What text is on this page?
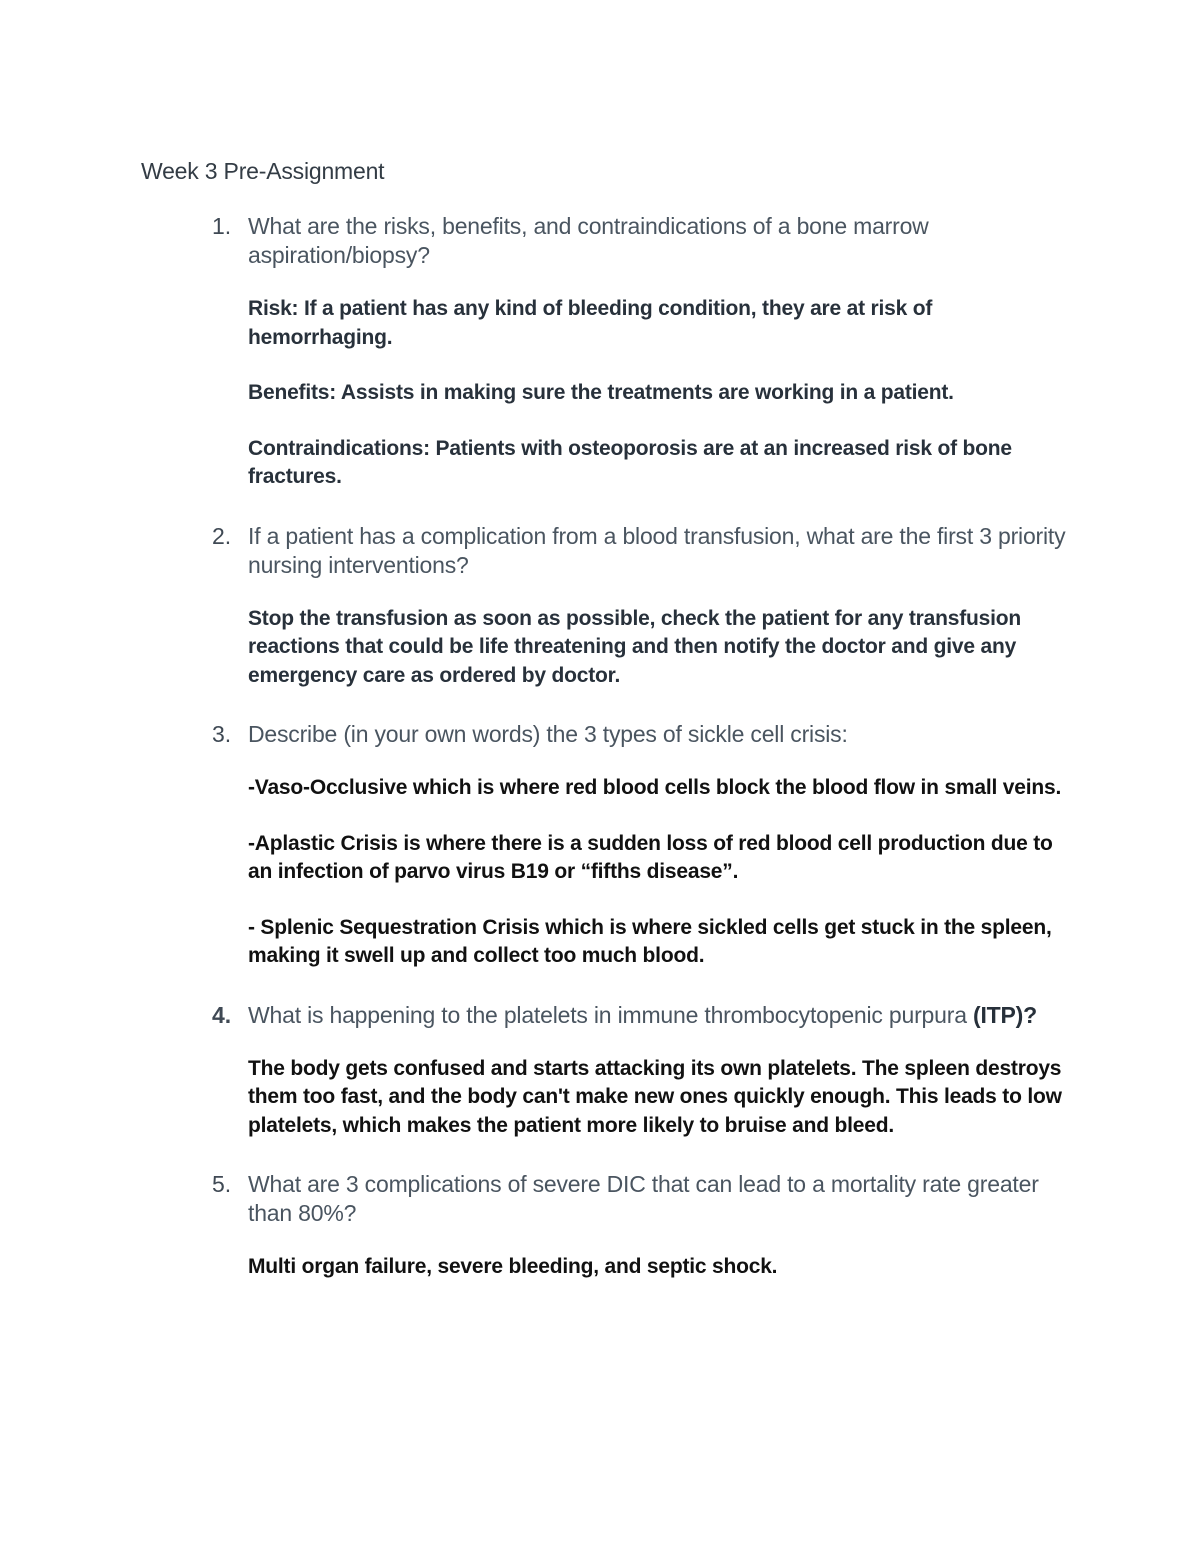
Week 3 Pre-Assignment
1. What are the risks, benefits, and contraindications of a bone marrow aspiration/biopsy?
Risk: If a patient has any kind of bleeding condition, they are at risk of hemorrhaging.
Benefits: Assists in making sure the treatments are working in a patient.
Contraindications: Patients with osteoporosis are at an increased risk of bone fractures.
2. If a patient has a complication from a blood transfusion, what are the first 3 priority nursing interventions?
Stop the transfusion as soon as possible, check the patient for any transfusion reactions that could be life threatening and then notify the doctor and give any emergency care as ordered by doctor.
3. Describe (in your own words) the 3 types of sickle cell crisis:
-Vaso-Occlusive which is where red blood cells block the blood flow in small veins.
-Aplastic Crisis is where there is a sudden loss of red blood cell production due to an infection of parvo virus B19 or “fifths disease”.
- Splenic Sequestration Crisis which is where sickled cells get stuck in the spleen, making it swell up and collect too much blood.
4. What is happening to the platelets in immune thrombocytopenic purpura (ITP)?
The body gets confused and starts attacking its own platelets. The spleen destroys them too fast, and the body can't make new ones quickly enough. This leads to low platelets, which makes the patient more likely to bruise and bleed.
5. What are 3 complications of severe DIC that can lead to a mortality rate greater than 80%?
Multi organ failure, severe bleeding, and septic shock.
